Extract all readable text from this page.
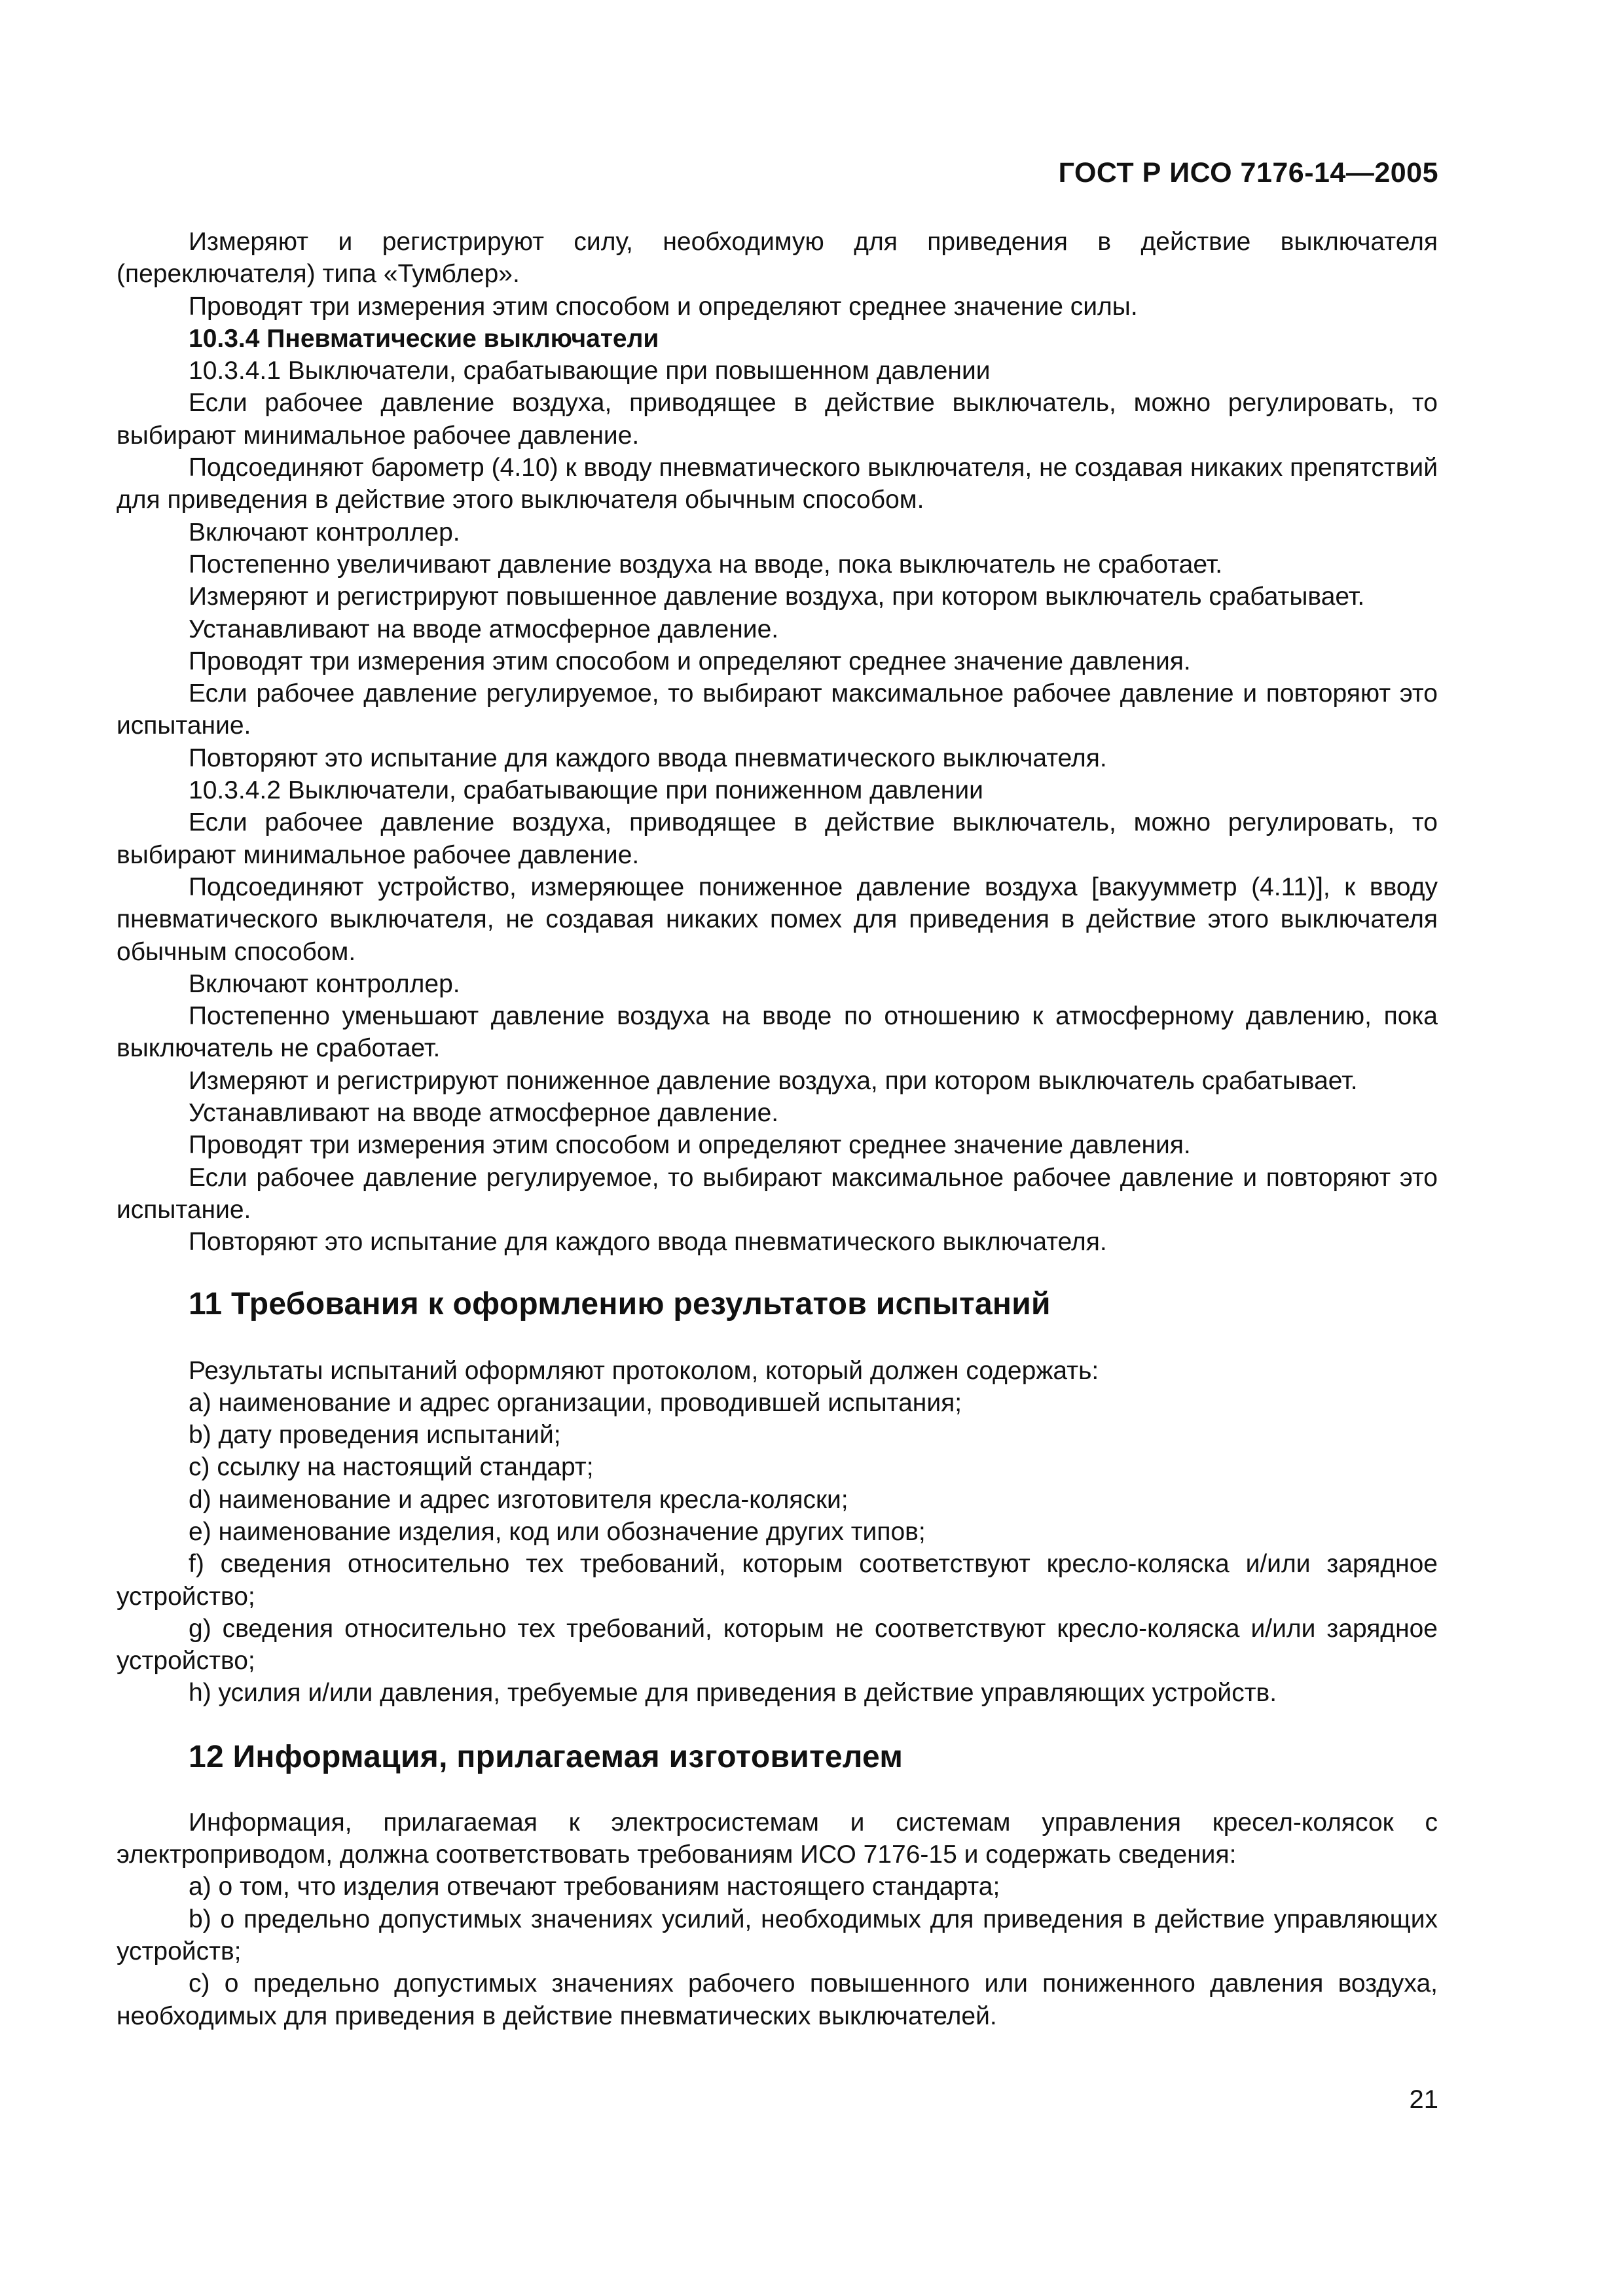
ГОСТ Р ИСО 7176-14—2005

Измеряют и регистрируют силу, необходимую для приведения в действие выключателя (переключателя) типа «Тумблер».

Проводят три измерения этим способом и определяют среднее значение силы.

10.3.4 Пневматические выключатели

10.3.4.1 Выключатели, срабатывающие при повышенном давлении

Если рабочее давление воздуха, приводящее в действие выключатель, можно регулировать, то выбирают минимальное рабочее давление.

Подсоединяют барометр (4.10) к вводу пневматического выключателя, не создавая никаких препятствий для приведения в действие этого выключателя обычным способом.

Включают контроллер.

Постепенно увеличивают давление воздуха на вводе, пока выключатель не сработает.

Измеряют и регистрируют повышенное давление воздуха, при котором выключатель срабатывает.

Устанавливают на вводе атмосферное давление.

Проводят три измерения этим способом и определяют среднее значение давления.

Если рабочее давление регулируемое, то выбирают максимальное рабочее давление и повторяют это испытание.

Повторяют это испытание для каждого ввода пневматического выключателя.

10.3.4.2 Выключатели, срабатывающие при пониженном давлении

Если рабочее давление воздуха, приводящее в действие выключатель, можно регулировать, то выбирают минимальное рабочее давление.

Подсоединяют устройство, измеряющее пониженное давление воздуха [вакуумметр (4.11)], к вводу пневматического выключателя, не создавая никаких помех для приведения в действие этого выключателя обычным способом.

Включают контроллер.

Постепенно уменьшают давление воздуха на вводе по отношению к атмосферному давлению, пока выключатель не сработает.

Измеряют и регистрируют пониженное давление воздуха, при котором выключатель срабатывает.

Устанавливают на вводе атмосферное давление.

Проводят три измерения этим способом и определяют среднее значение давления.

Если рабочее давление регулируемое, то выбирают максимальное рабочее давление и повторяют это испытание.

Повторяют это испытание для каждого ввода пневматического выключателя.

11 Требования к оформлению результатов испытаний

Результаты испытаний оформляют протоколом, который должен содержать:

a) наименование и адрес организации, проводившей испытания;

b) дату проведения испытаний;

c) ссылку на настоящий стандарт;

d) наименование и адрес изготовителя кресла-коляски;

e) наименование изделия, код или обозначение других типов;

f) сведения относительно тех требований, которым соответствуют кресло-коляска и/или зарядное устройство;

g) сведения относительно тех требований, которым не соответствуют кресло-коляска и/или зарядное устройство;

h) усилия и/или давления, требуемые для приведения в действие управляющих устройств.

12 Информация, прилагаемая изготовителем

Информация, прилагаемая к электросистемам и системам управления кресел-колясок с электроприводом, должна соответствовать требованиям ИСО 7176-15 и содержать сведения:

a) о том, что изделия отвечают требованиям настоящего стандарта;

b) о предельно допустимых значениях усилий, необходимых для приведения в действие управляющих устройств;

c) о предельно допустимых значениях рабочего повышенного или пониженного давления воздуха, необходимых для приведения в действие пневматических выключателей.

21
